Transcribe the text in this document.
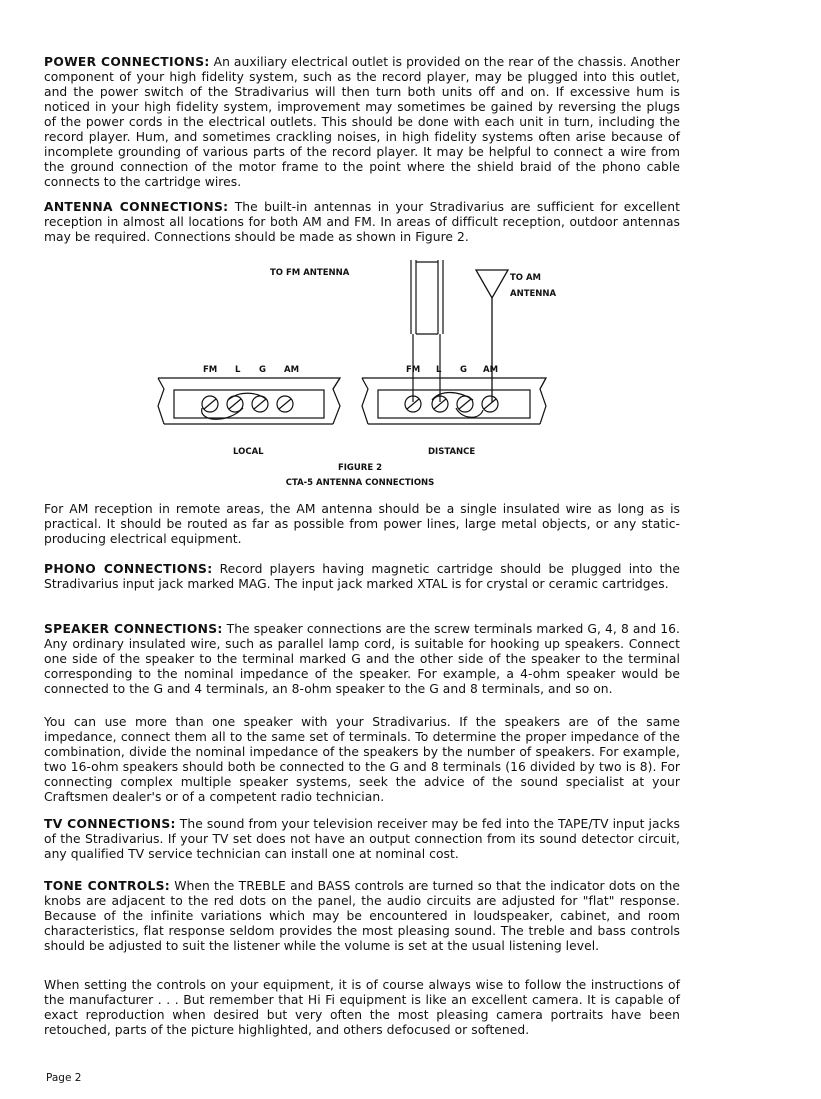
POWER CONNECTIONS: An auxiliary electrical outlet is provided on the rear of the chassis. Another component of your high fidelity system, such as the record player, may be plugged into this outlet, and the power switch of the Stradivarius will then turn both units off and on. If excessive hum is noticed in your high fidelity system, improvement may sometimes be gained by reversing the plugs of the power cords in the electrical outlets. This should be done with each unit in turn, including the record player. Hum, and sometimes crackling noises, in high fidelity systems often arise because of incomplete grounding of various parts of the record player. It may be helpful to connect a wire from the ground connection of the motor frame to the point where the shield braid of the phono cable connects to the cartridge wires.

ANTENNA CONNECTIONS: The built-in antennas in your Stradivarius are sufficient for excellent reception in almost all locations for both AM and FM. In areas of difficult reception, outdoor antennas may be required. Connections should be made as shown in Figure 2.

TO FM ANTENNA	TO AM
ANTENNA
FM L G AM	FM L G AM
LOCAL	DISTANCE
FIGURE 2
CTA-5 ANTENNA CONNECTIONS

For AM reception in remote areas, the AM antenna should be a single insulated wire as long as is practical. It should be routed as far as possible from power lines, large metal objects, or any static-producing electrical equipment.

PHONO CONNECTIONS: Record players having magnetic cartridge should be plugged into the Stradivarius input jack marked MAG. The input jack marked XTAL is for crystal or ceramic cartridges.

SPEAKER CONNECTIONS: The speaker connections are the screw terminals marked G, 4, 8 and 16. Any ordinary insulated wire, such as parallel lamp cord, is suitable for hooking up speakers. Connect one side of the speaker to the terminal marked G and the other side of the speaker to the terminal corresponding to the nominal impedance of the speaker. For example, a 4-ohm speaker would be connected to the G and 4 terminals, an 8-ohm speaker to the G and 8 terminals, and so on.

You can use more than one speaker with your Stradivarius. If the speakers are of the same impedance, connect them all to the same set of terminals. To determine the proper impedance of the combination, divide the nominal impedance of the speakers by the number of speakers. For example, two 16-ohm speakers should both be connected to the G and 8 terminals (16 divided by two is 8). For connecting complex multiple speaker systems, seek the advice of the sound specialist at your Craftsmen dealer's or of a competent radio technician.

TV CONNECTIONS: The sound from your television receiver may be fed into the TAPE/TV input jacks of the Stradivarius. If your TV set does not have an output connection from its sound detector circuit, any qualified TV service technician can install one at nominal cost.

TONE CONTROLS: When the TREBLE and BASS controls are turned so that the indicator dots on the knobs are adjacent to the red dots on the panel, the audio circuits are adjusted for "flat" response. Because of the infinite variations which may be encountered in loudspeaker, cabinet, and room characteristics, flat response seldom provides the most pleasing sound. The treble and bass controls should be adjusted to suit the listener while the volume is set at the usual listening level.

When setting the controls on your equipment, it is of course always wise to follow the instructions of the manufacturer . . . But remember that Hi Fi equipment is like an excellent camera. It is capable of exact reproduction when desired but very often the most pleasing camera portraits have been retouched, parts of the picture highlighted, and others defocused or softened.

Page 2
